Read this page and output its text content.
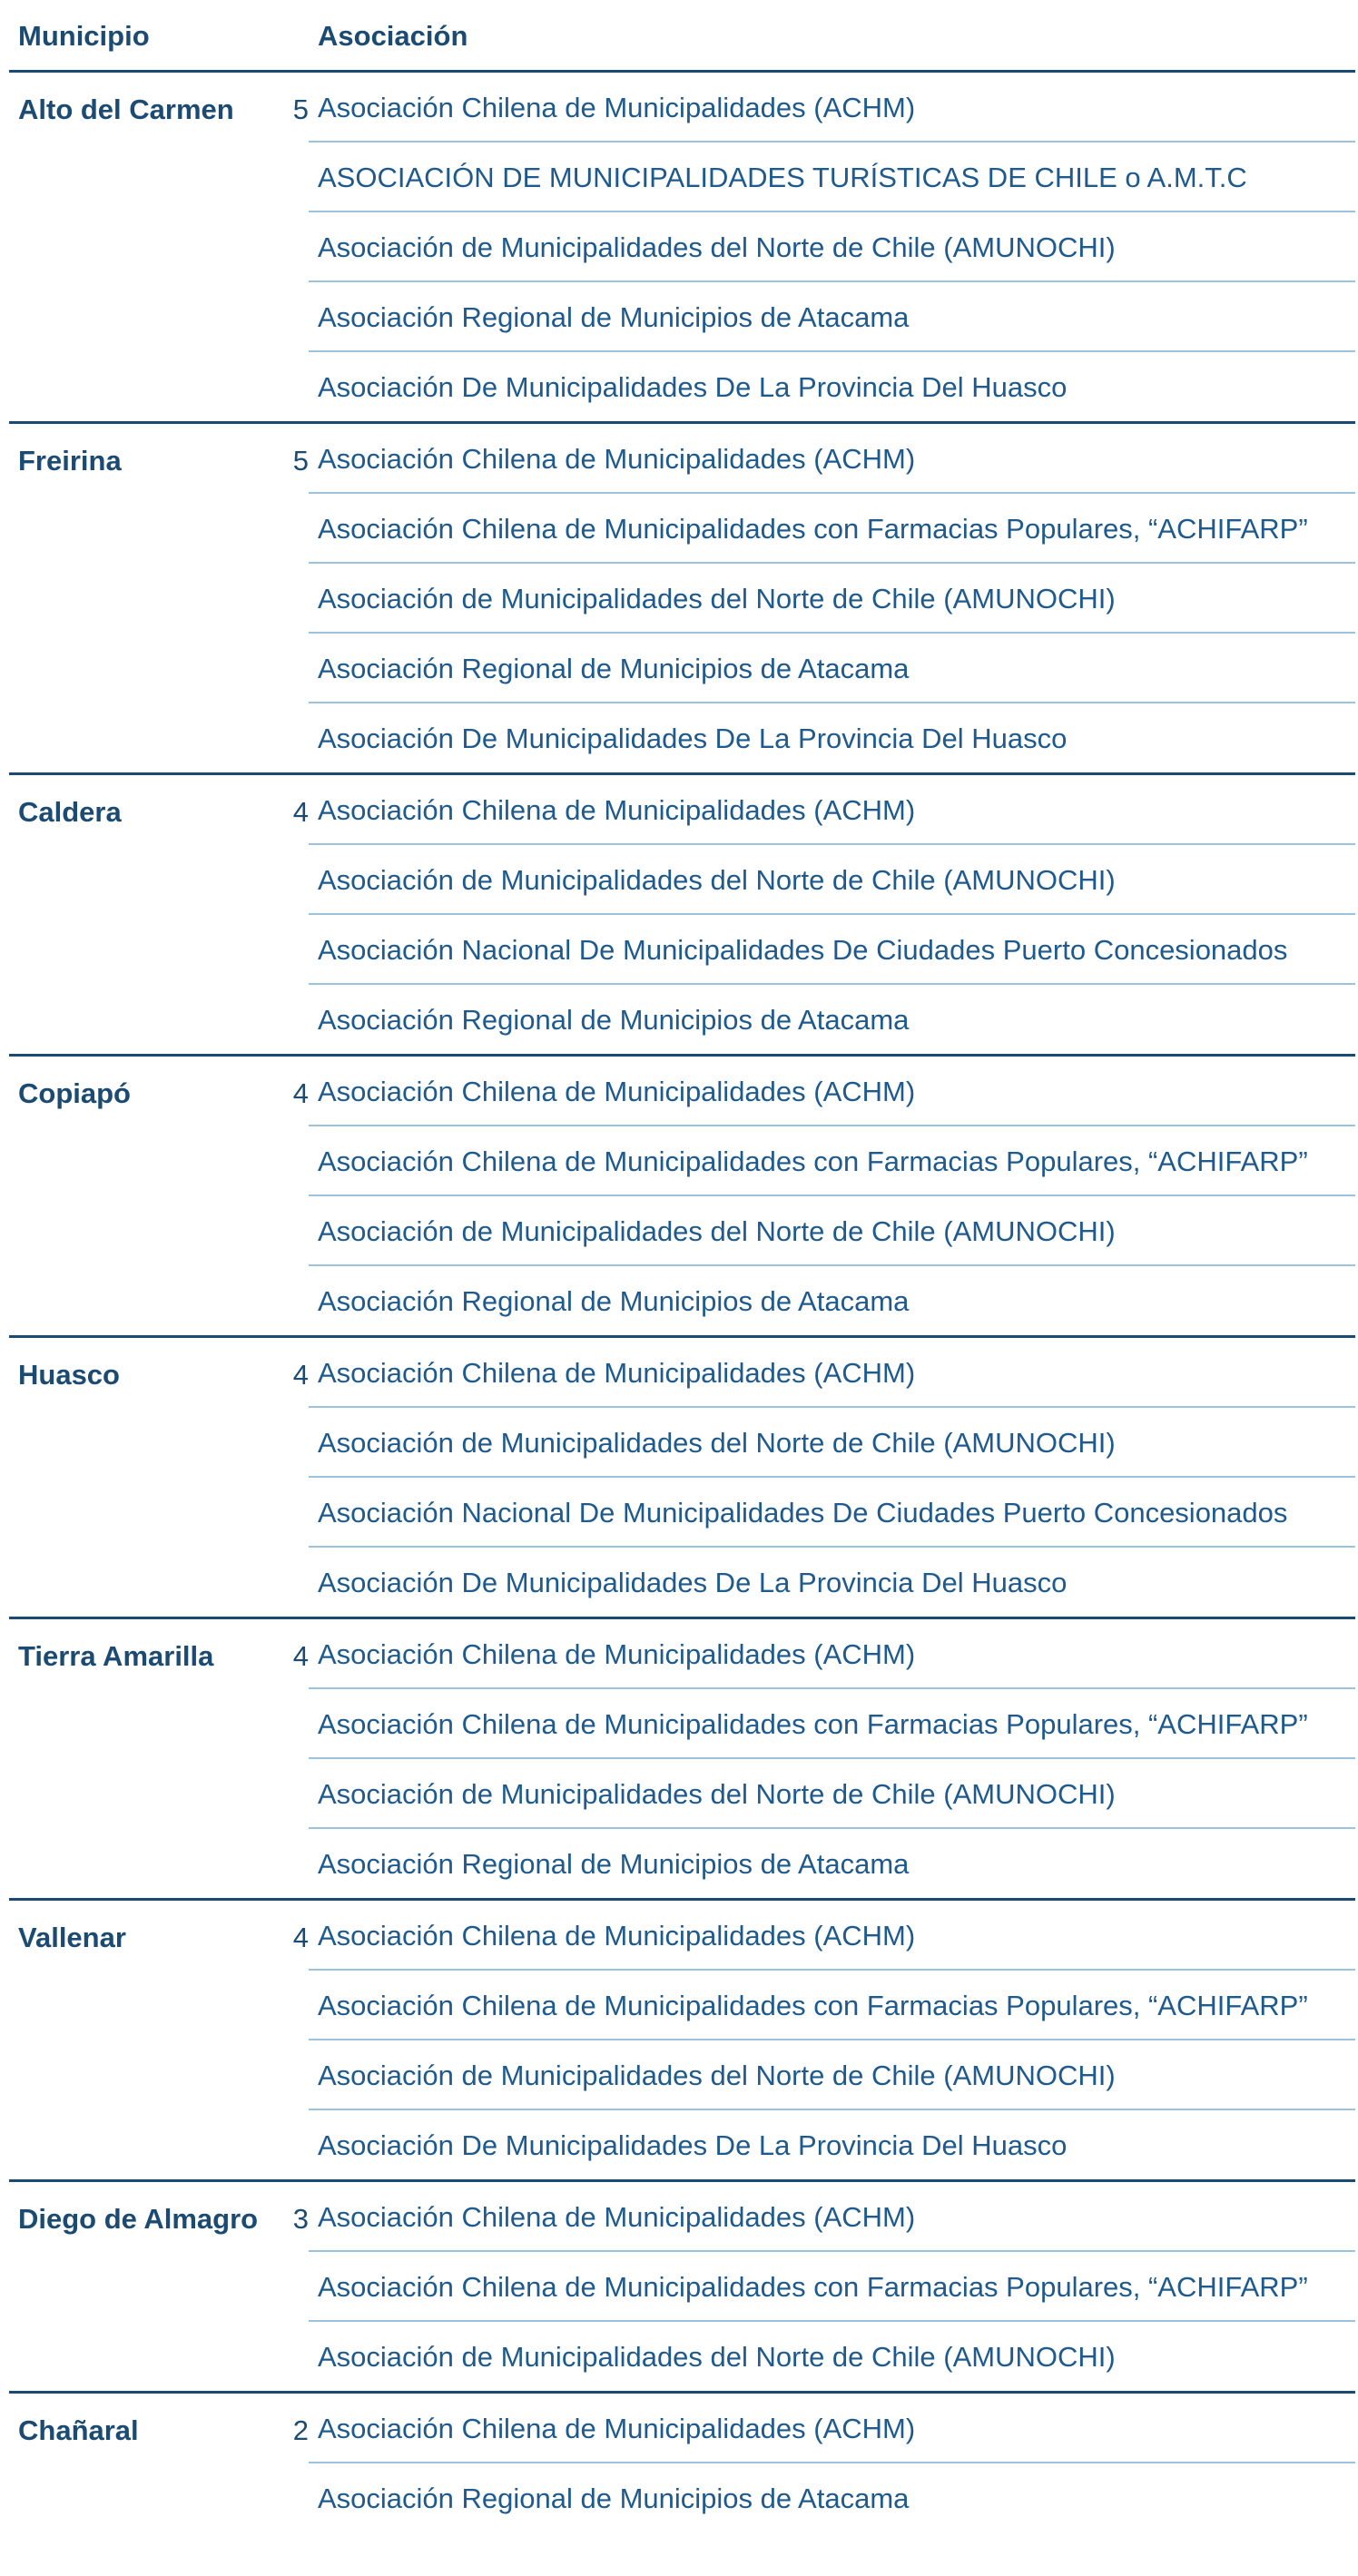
Municipio	Asociación
Alto del Carmen	5 Asociación Chilena de Municipalidades (ACHM)
ASOCIACIÓN DE MUNICIPALIDADES TURÍSTICAS DE CHILE o A.M.T.C
Asociación de Municipalidades del Norte de Chile (AMUNOCHI)
Asociación Regional de Municipios de Atacama
Asociación De Municipalidades De La Provincia Del Huasco
Freirina	5 Asociación Chilena de Municipalidades (ACHM)
Asociación Chilena de Municipalidades con Farmacias Populares, “ACHIFARP”
Asociación de Municipalidades del Norte de Chile (AMUNOCHI)
Asociación Regional de Municipios de Atacama
Asociación De Municipalidades De La Provincia Del Huasco
Caldera	4 Asociación Chilena de Municipalidades (ACHM)
Asociación de Municipalidades del Norte de Chile (AMUNOCHI)
Asociación Nacional De Municipalidades De Ciudades Puerto Concesionados
Asociación Regional de Municipios de Atacama
Copiapó	4 Asociación Chilena de Municipalidades (ACHM)
Asociación Chilena de Municipalidades con Farmacias Populares, “ACHIFARP”
Asociación de Municipalidades del Norte de Chile (AMUNOCHI)
Asociación Regional de Municipios de Atacama
Huasco	4 Asociación Chilena de Municipalidades (ACHM)
Asociación de Municipalidades del Norte de Chile (AMUNOCHI)
Asociación Nacional De Municipalidades De Ciudades Puerto Concesionados
Asociación De Municipalidades De La Provincia Del Huasco
Tierra Amarilla	4 Asociación Chilena de Municipalidades (ACHM)
Asociación Chilena de Municipalidades con Farmacias Populares, “ACHIFARP”
Asociación de Municipalidades del Norte de Chile (AMUNOCHI)
Asociación Regional de Municipios de Atacama
Vallenar	4 Asociación Chilena de Municipalidades (ACHM)
Asociación Chilena de Municipalidades con Farmacias Populares, “ACHIFARP”
Asociación de Municipalidades del Norte de Chile (AMUNOCHI)
Asociación De Municipalidades De La Provincia Del Huasco
Diego de Almagro	3 Asociación Chilena de Municipalidades (ACHM)
Asociación Chilena de Municipalidades con Farmacias Populares, “ACHIFARP”
Asociación de Municipalidades del Norte de Chile (AMUNOCHI)
Chañaral	2 Asociación Chilena de Municipalidades (ACHM)
Asociación Regional de Municipios de Atacama
